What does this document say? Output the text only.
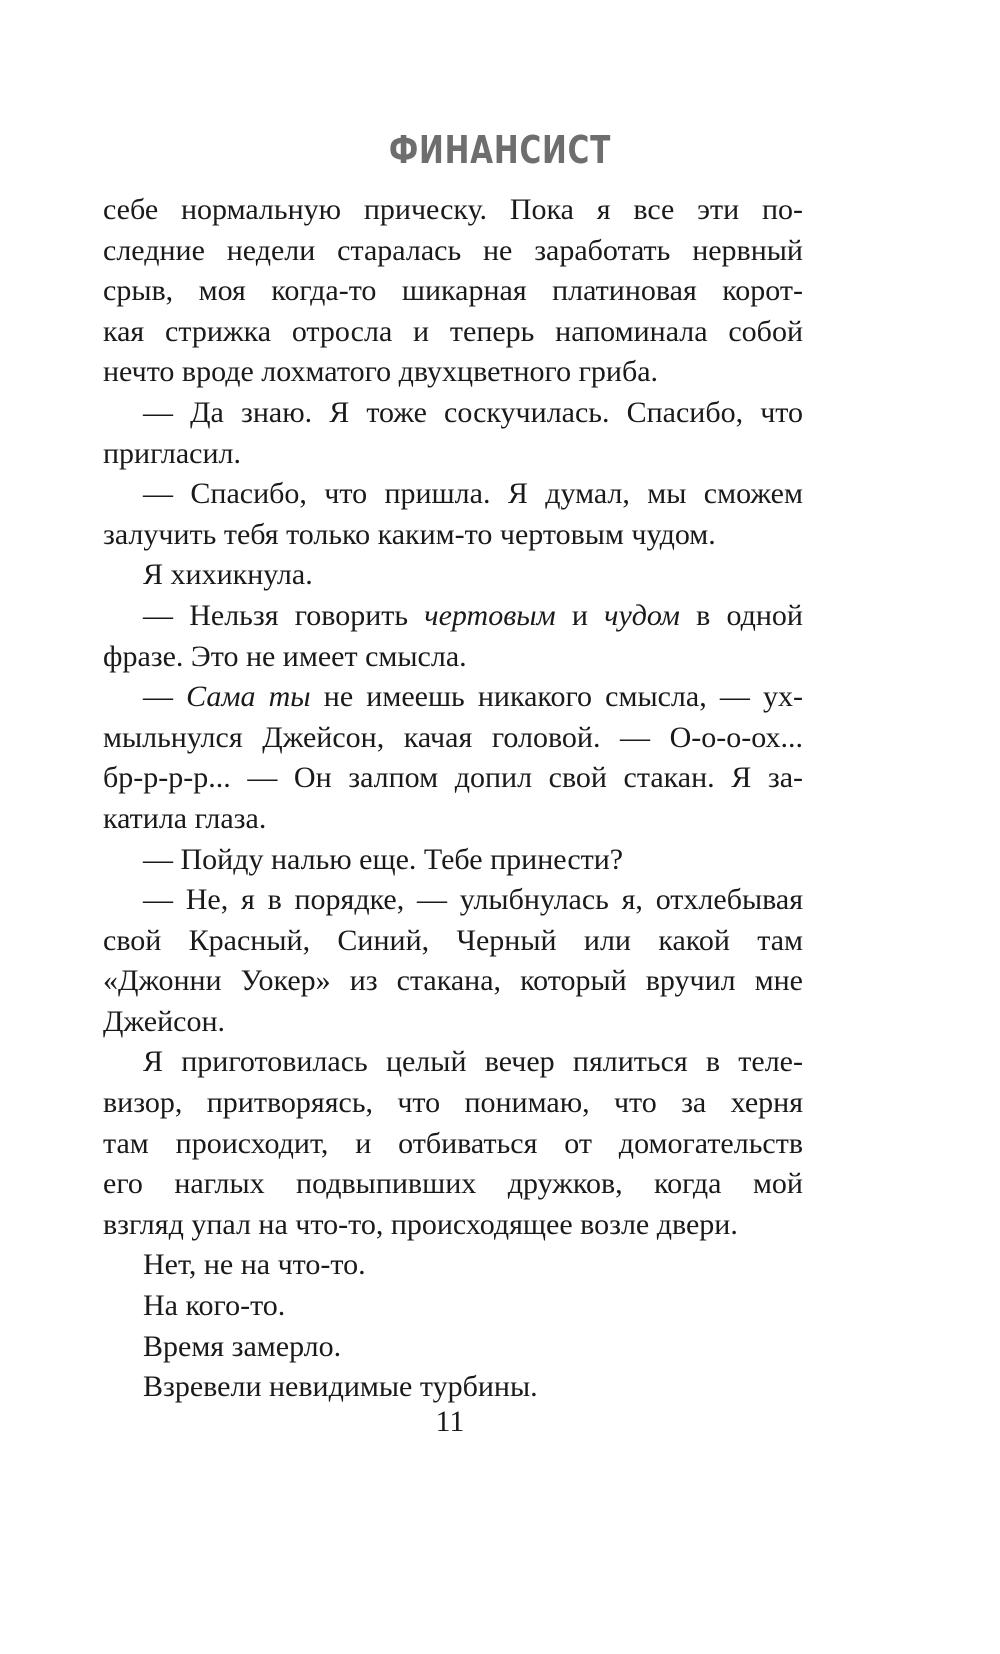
ФИНАНСИСТ

себе нормальную прическу. Пока я все эти по-
следние недели старалась не заработать нервный
срыв, моя когда-то шикарная платиновая корот-
кая стрижка отросла и теперь напоминала собой
нечто вроде лохматого двухцветного гриба.

— Да знаю. Я тоже соскучилась. Спасибо, что

пригласил.

— Спасибо, что пришла. Я думал, мы сможем

залучить тебя только каким-то чертовым чудом.

Я хихикнула.

— Нельзя говорить чертовым и чудом в одной

фразе. Это не имеет смысла.

— Сама ты не имеешь никакого смысла, — ух-

мыльнулся Джейсон, качая головой. — О-о-о-ох...
бр-р-р-р... — Он залпом допил свой стакан. Я за-
катила глаза.

— Пойду налью еще. Тебе принести?

— Не, я в порядке, — улыбнулась я, отхлебывая

свой Красный, Синий, Черный или какой там
«Джонни Уокер» из стакана, который вручил мне
Джейсон.

Я приготовилась целый вечер пялиться в теле-

визор, притворяясь, что понимаю, что за херня
там происходит, и отбиваться от домогательств
его наглых подвыпивших дружков, когда мой
взгляд упал на что-то, происходящее возле двери.

Нет, не на что-то.

На кого-то.

Время замерло.

Взревели невидимые турбины.

11
